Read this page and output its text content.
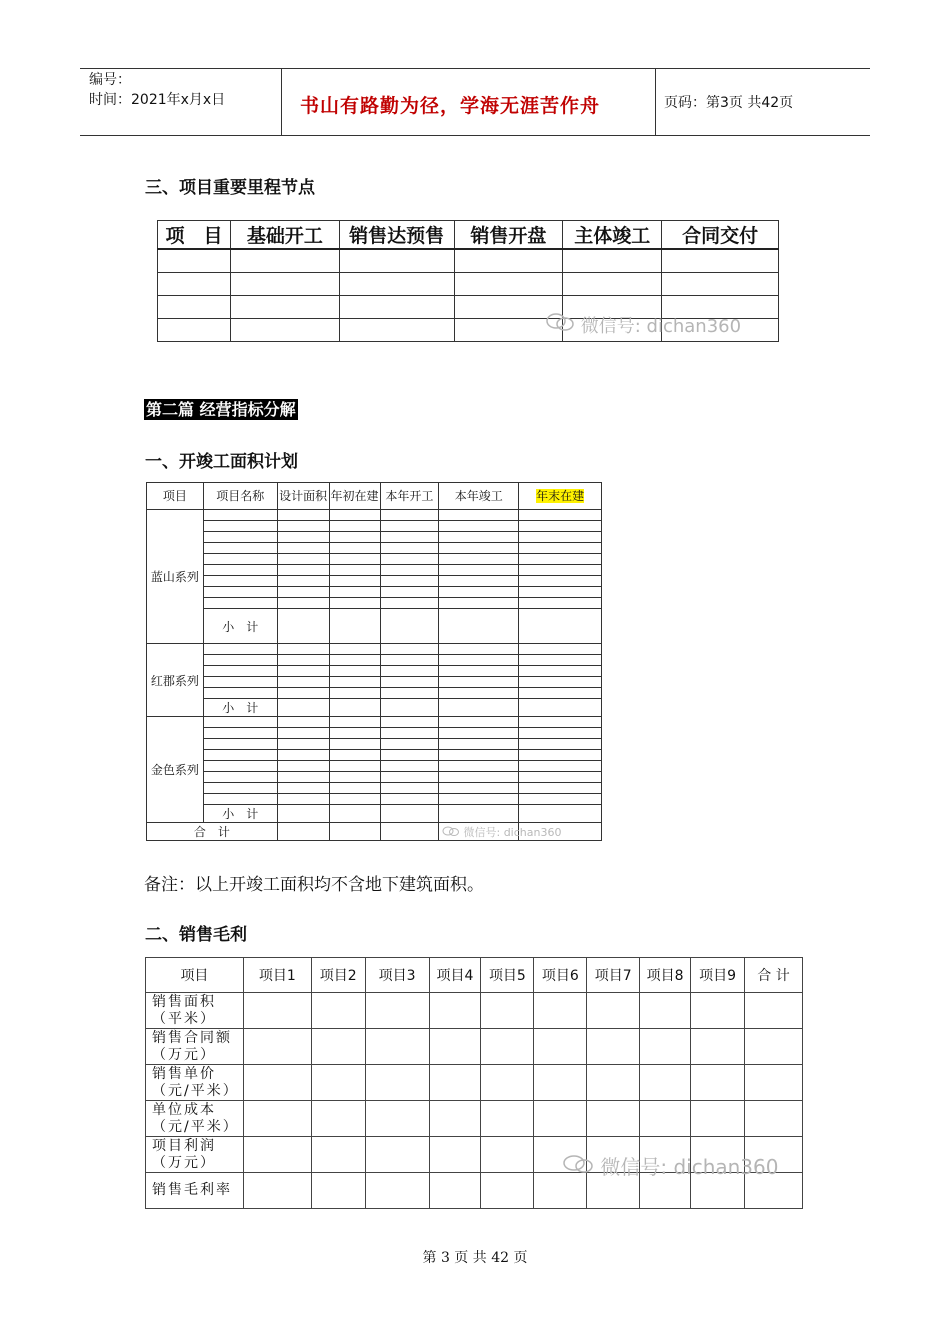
编号：
时间：2021年x月x日	书山有路勤为径，学海无涯苦作舟	页码：第3页 共42页
三、项目重要里程节点
项　目	基础开工	销售达预售	销售开盘	主体竣工	合同交付

微信号: dichan360
第二篇 经营指标分解
一、开竣工面积计划
项目	项目名称	设计面积	年初在建	本年开工	本年竣工	年末在建
蓝山系列						

	小　计					
红郡系列						

	小　计					
金色系列						

	小　计					
合　计							微信号: dichan360
备注：以上开竣工面积均不含地下建筑面积。
二、销售毛利
项目	项目1	项目2	项目3	项目4	项目5	项目6	项目7	项目8	项目9	合 计
销售面积（平米）										
销售合同额（万元）										
销售单价（元/平米）										
单位成本（元/平米）										
项目利润（万元）										
销售毛利率										
微信号: dichan360
第 3 页 共 42 页
